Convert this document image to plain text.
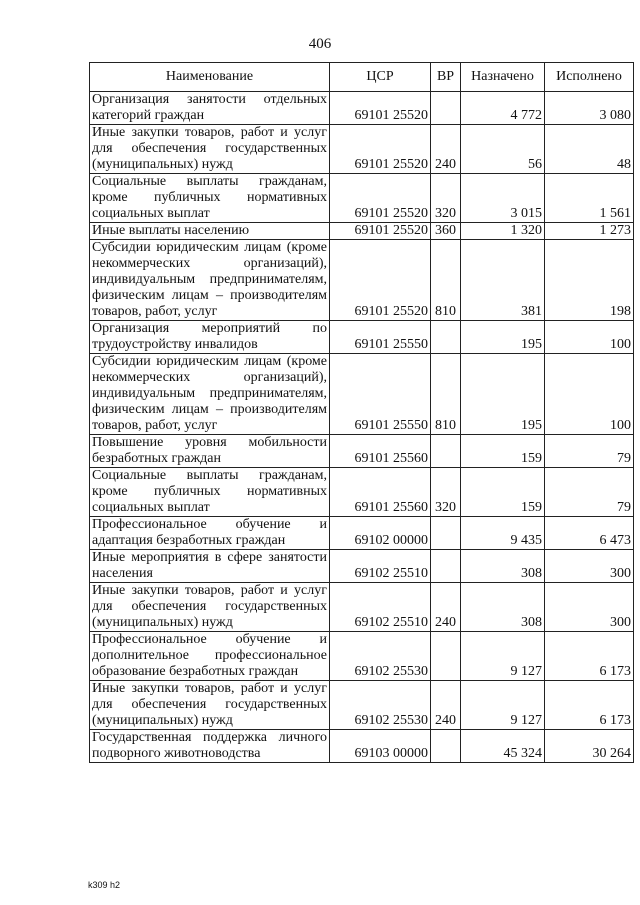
406
Наименование	ЦСР	ВР	Назначено	Исполнено
Организация занятости отдельных категорий граждан	69101 25520		4 772	3 080
Иные закупки товаров, работ и услуг для обеспечения государственных (муниципальных) нужд	69101 25520	240	56	48
Социальные выплаты гражданам, кроме публичных нормативных социальных выплат	69101 25520	320	3 015	1 561
Иные выплаты населению	69101 25520	360	1 320	1 273
Субсидии юридическим лицам (кроме некоммерческих организаций), индивидуальным предпринимателям, физическим лицам – производителям товаров, работ, услуг	69101 25520	810	381	198
Организация мероприятий по трудоустройству инвалидов	69101 25550		195	100
Субсидии юридическим лицам (кроме некоммерческих организаций), индивидуальным предпринимателям, физическим лицам – производителям товаров, работ, услуг	69101 25550	810	195	100
Повышение уровня мобильности безработных граждан	69101 25560		159	79
Социальные выплаты гражданам, кроме публичных нормативных социальных выплат	69101 25560	320	159	79
Профессиональное обучение и адаптация безработных граждан	69102 00000		9 435	6 473
Иные мероприятия в сфере занятости населения	69102 25510		308	300
Иные закупки товаров, работ и услуг для обеспечения государственных (муниципальных) нужд	69102 25510	240	308	300
Профессиональное обучение и дополнительное профессиональное образование безработных граждан	69102 25530		9 127	6 173
Иные закупки товаров, работ и услуг для обеспечения государственных (муниципальных) нужд	69102 25530	240	9 127	6 173
Государственная поддержка личного подворного животноводства	69103 00000		45 324	30 264
k309 h2
